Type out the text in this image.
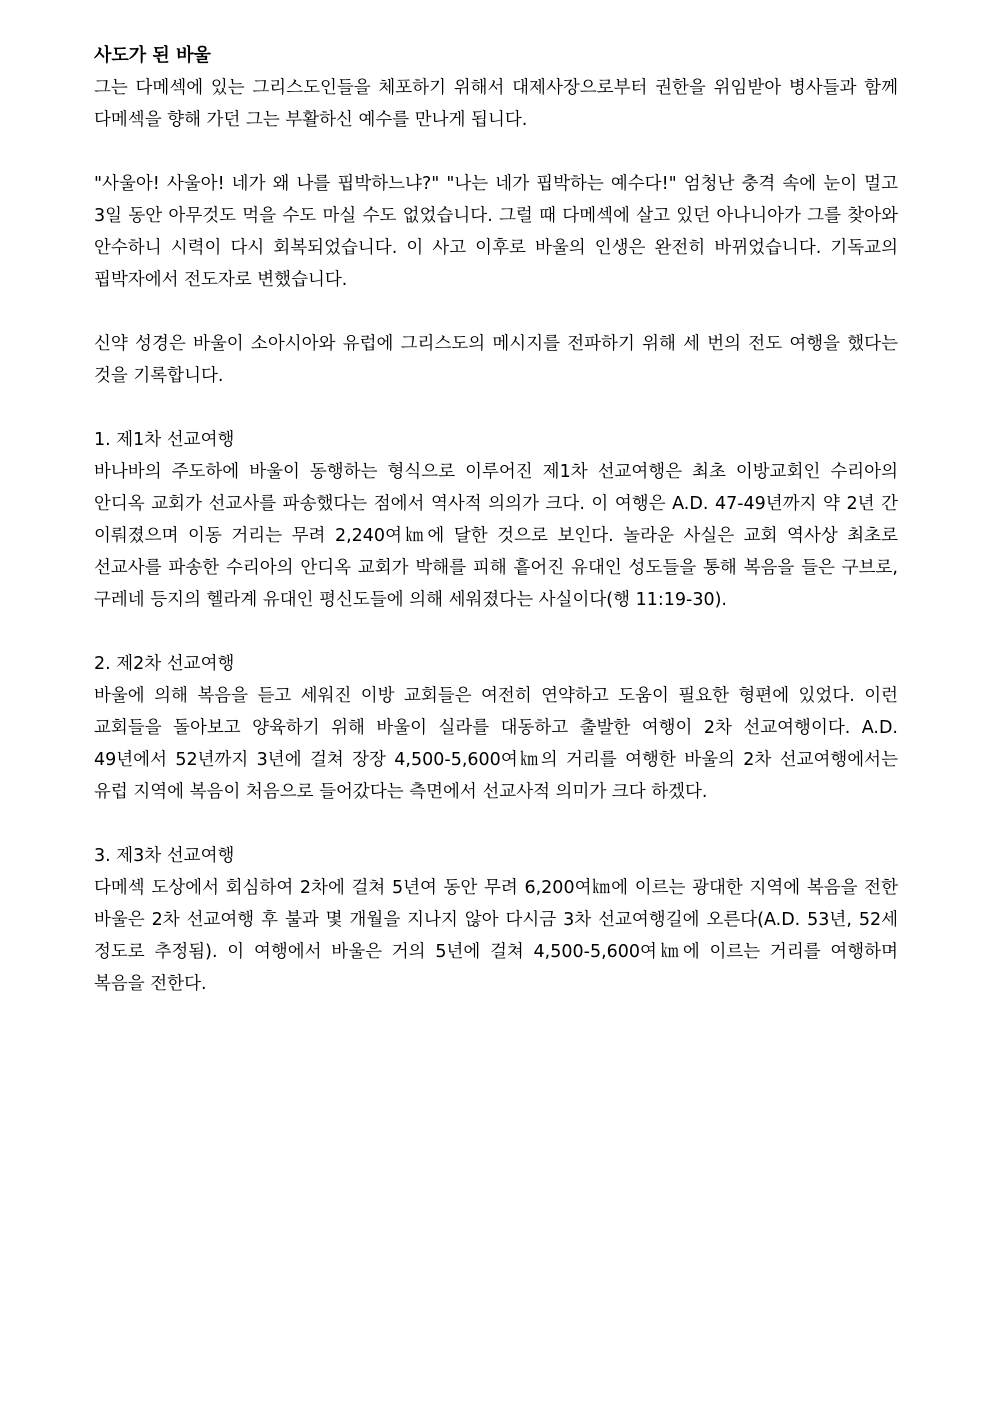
사도가 된 바울

그는 다메섹에 있는 그리스도인들을 체포하기 위해서 대제사장으로부터 권한을 위임받아 병사들과 함께 다메섹을 향해 가던 그는 부활하신 예수를 만나게 됩니다.

"사울아! 사울아! 네가 왜 나를 핍박하느냐?" "나는 네가 핍박하는 예수다!" 엄청난 충격 속에 눈이 멀고 3일 동안 아무것도 먹을 수도 마실 수도 없었습니다. 그럴 때 다메섹에 살고 있던 아나니아가 그를 찾아와 안수하니 시력이 다시 회복되었습니다. 이 사고 이후로 바울의 인생은 완전히 바뀌었습니다. 기독교의 핍박자에서 전도자로 변했습니다.

신약 성경은 바울이 소아시아와 유럽에 그리스도의 메시지를 전파하기 위해 세 번의 전도 여행을 했다는 것을 기록합니다.

1. 제1차 선교여행

바나바의 주도하에 바울이 동행하는 형식으로 이루어진 제1차 선교여행은 최초 이방교회인 수리아의 안디옥 교회가 선교사를 파송했다는 점에서 역사적 의의가 크다. 이 여행은 A.D. 47-49년까지 약 2년 간 이뤄졌으며 이동 거리는 무려 2,240여㎞에 달한 것으로 보인다. 놀라운 사실은 교회 역사상 최초로 선교사를 파송한 수리아의 안디옥 교회가 박해를 피해 흩어진 유대인 성도들을 통해 복음을 들은 구브로, 구레네 등지의 헬라계 유대인 평신도들에 의해 세워졌다는 사실이다(행 11:19-30).

2. 제2차 선교여행

바울에 의해 복음을 듣고 세워진 이방 교회들은 여전히 연약하고 도움이 필요한 형편에 있었다. 이런 교회들을 돌아보고 양육하기 위해 바울이 실라를 대동하고 출발한 여행이 2차 선교여행이다. A.D. 49년에서 52년까지 3년에 걸쳐 장장 4,500-5,600여㎞의 거리를 여행한 바울의 2차 선교여행에서는 유럽 지역에 복음이 처음으로 들어갔다는 측면에서 선교사적 의미가 크다 하겠다.

3. 제3차 선교여행

다메섹 도상에서 회심하여 2차에 걸쳐 5년여 동안 무려 6,200여㎞에 이르는 광대한 지역에 복음을 전한 바울은 2차 선교여행 후 불과 몇 개월을 지나지 않아 다시금 3차 선교여행길에 오른다(A.D. 53년, 52세 정도로 추정됨). 이 여행에서 바울은 거의 5년에 걸쳐 4,500-5,600여㎞에 이르는 거리를 여행하며 복음을 전한다.
